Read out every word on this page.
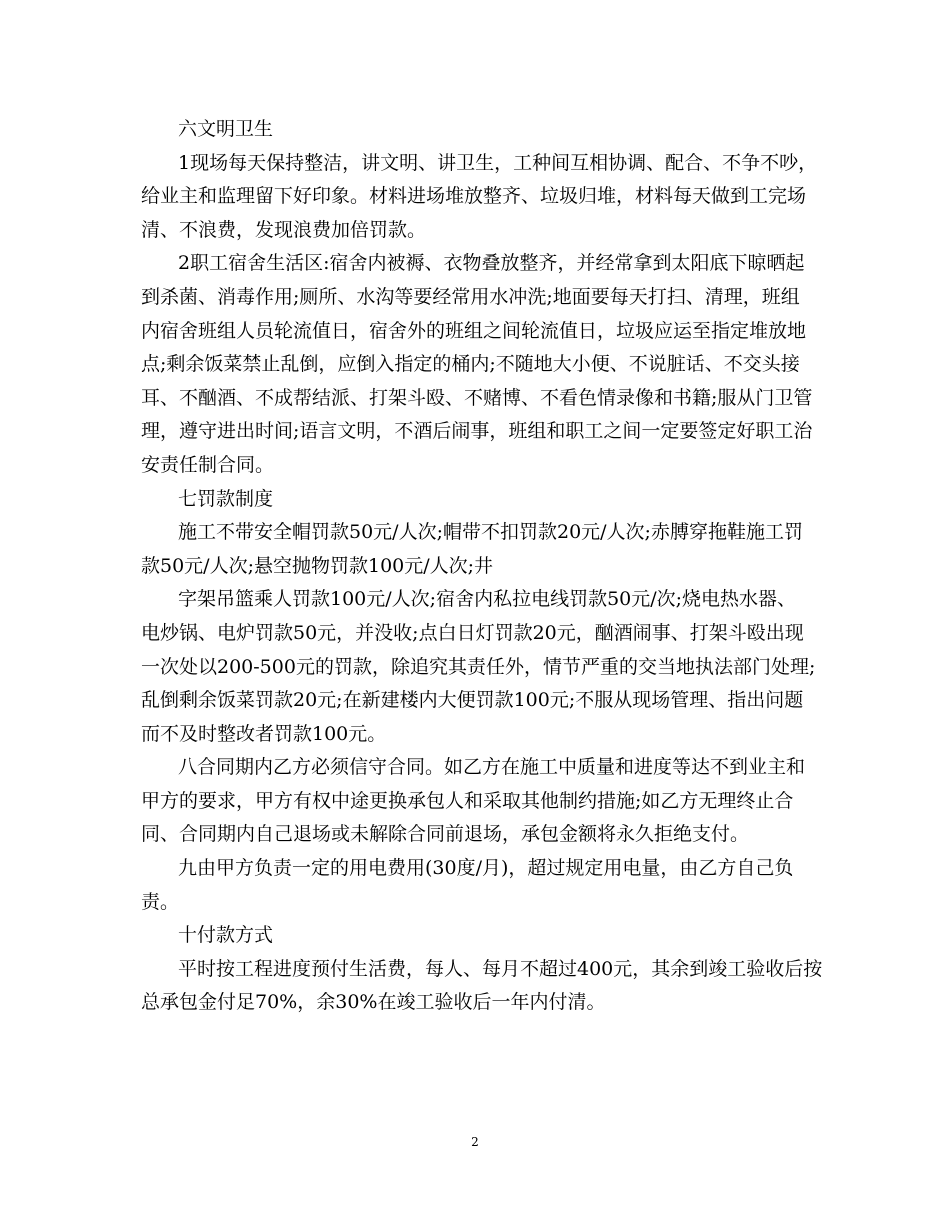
六文明卫生
1现场每天保持整洁，讲文明、讲卫生，工种间互相协调、配合、不争不吵，
给业主和监理留下好印象。材料进场堆放整齐、垃圾归堆，材料每天做到工完场
清、不浪费，发现浪费加倍罚款。
2职工宿舍生活区:宿舍内被褥、衣物叠放整齐，并经常拿到太阳底下晾晒起
到杀菌、消毒作用;厕所、水沟等要经常用水冲洗;地面要每天打扫、清理，班组
内宿舍班组人员轮流值日，宿舍外的班组之间轮流值日，垃圾应运至指定堆放地
点;剩余饭菜禁止乱倒，应倒入指定的桶内;不随地大小便、不说脏话、不交头接
耳、不酗酒、不成帮结派、打架斗殴、不赌博、不看色情录像和书籍;服从门卫管
理，遵守进出时间;语言文明，不酒后闹事，班组和职工之间一定要签定好职工治
安责任制合同。
七罚款制度
施工不带安全帽罚款50元/人次;帽带不扣罚款20元/人次;赤膊穿拖鞋施工罚
款50元/人次;悬空抛物罚款100元/人次;井
字架吊篮乘人罚款100元/人次;宿舍内私拉电线罚款50元/次;烧电热水器、
电炒锅、电炉罚款50元，并没收;点白日灯罚款20元，酗酒闹事、打架斗殴出现
一次处以200-500元的罚款，除追究其责任外，情节严重的交当地执法部门处理;
乱倒剩余饭菜罚款20元;在新建楼内大便罚款100元;不服从现场管理、指出问题
而不及时整改者罚款100元。
八合同期内乙方必须信守合同。如乙方在施工中质量和进度等达不到业主和
甲方的要求，甲方有权中途更换承包人和采取其他制约措施;如乙方无理终止合
同、合同期内自己退场或未解除合同前退场，承包金额将永久拒绝支付。
九由甲方负责一定的用电费用(30度/月)，超过规定用电量，由乙方自己负
责。
十付款方式
平时按工程进度预付生活费，每人、每月不超过400元，其余到竣工验收后按
总承包金付足70%，余30%在竣工验收后一年内付清。
2
